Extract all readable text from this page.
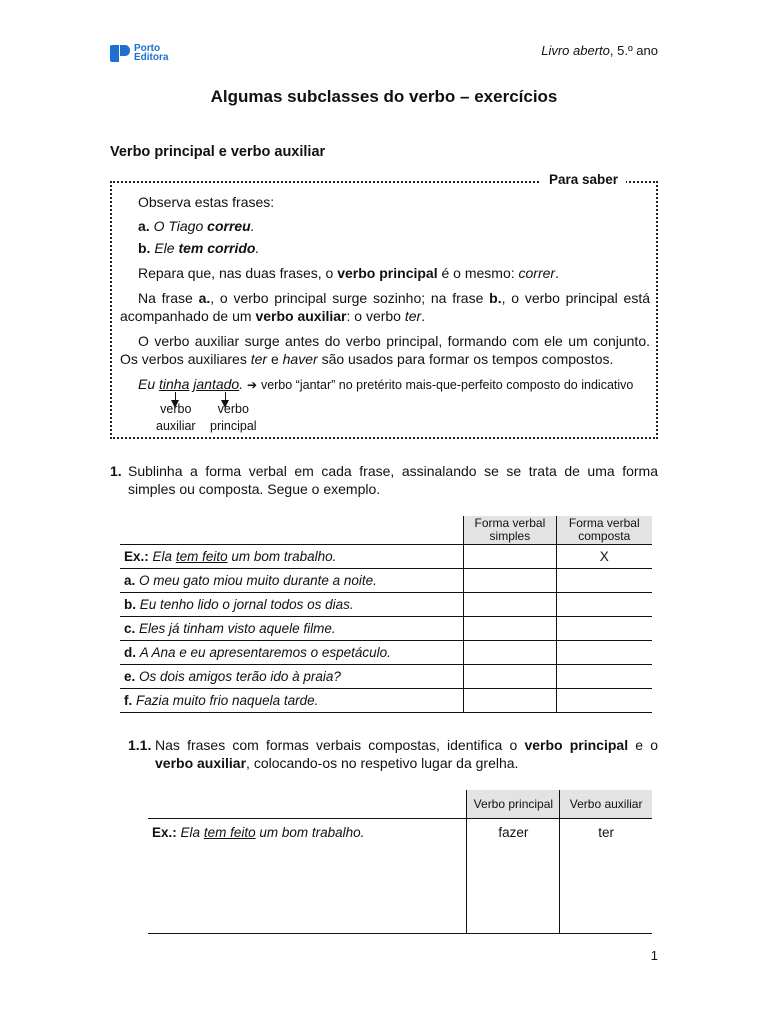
Porto
Editora	Livro aberto, 5.º ano
Algumas subclasses do verbo – exercícios
Verbo principal e verbo auxiliar
Para saber
Observa estas frases:
a. O Tiago correu.
b. Ele tem corrido.
Repara que, nas duas frases, o verbo principal é o mesmo: correr.
Na frase a., o verbo principal surge sozinho; na frase b., o verbo principal está acompanhado de um verbo auxiliar: o verbo ter.
O verbo auxiliar surge antes do verbo principal, formando com ele um conjunto. Os verbos auxiliares ter e haver são usados para formar os tempos compostos.
Eu tinha jantado. ➔ verbo “jantar” no pretérito mais-que-perfeito composto do indicativo
verbo
auxiliar
verbo
principal
1. Sublinha a forma verbal em cada frase, assinalando se se trata de uma forma simples ou composta. Segue o exemplo.
	Forma verbal simples	Forma verbal composta
Ex.: Ela tem feito um bom trabalho.		X
a. O meu gato miou muito durante a noite.		
b. Eu tenho lido o jornal todos os dias.		
c. Eles já tinham visto aquele filme.		
d. A Ana e eu apresentaremos o espetáculo.		
e. Os dois amigos terão ido à praia?		
f. Fazia muito frio naquela tarde.		
1.1. Nas frases com formas verbais compostas, identifica o verbo principal e o verbo auxiliar, colocando-os no respetivo lugar da grelha.
	Verbo principal	Verbo auxiliar
Ex.: Ela tem feito um bom trabalho.	fazer	ter
1
